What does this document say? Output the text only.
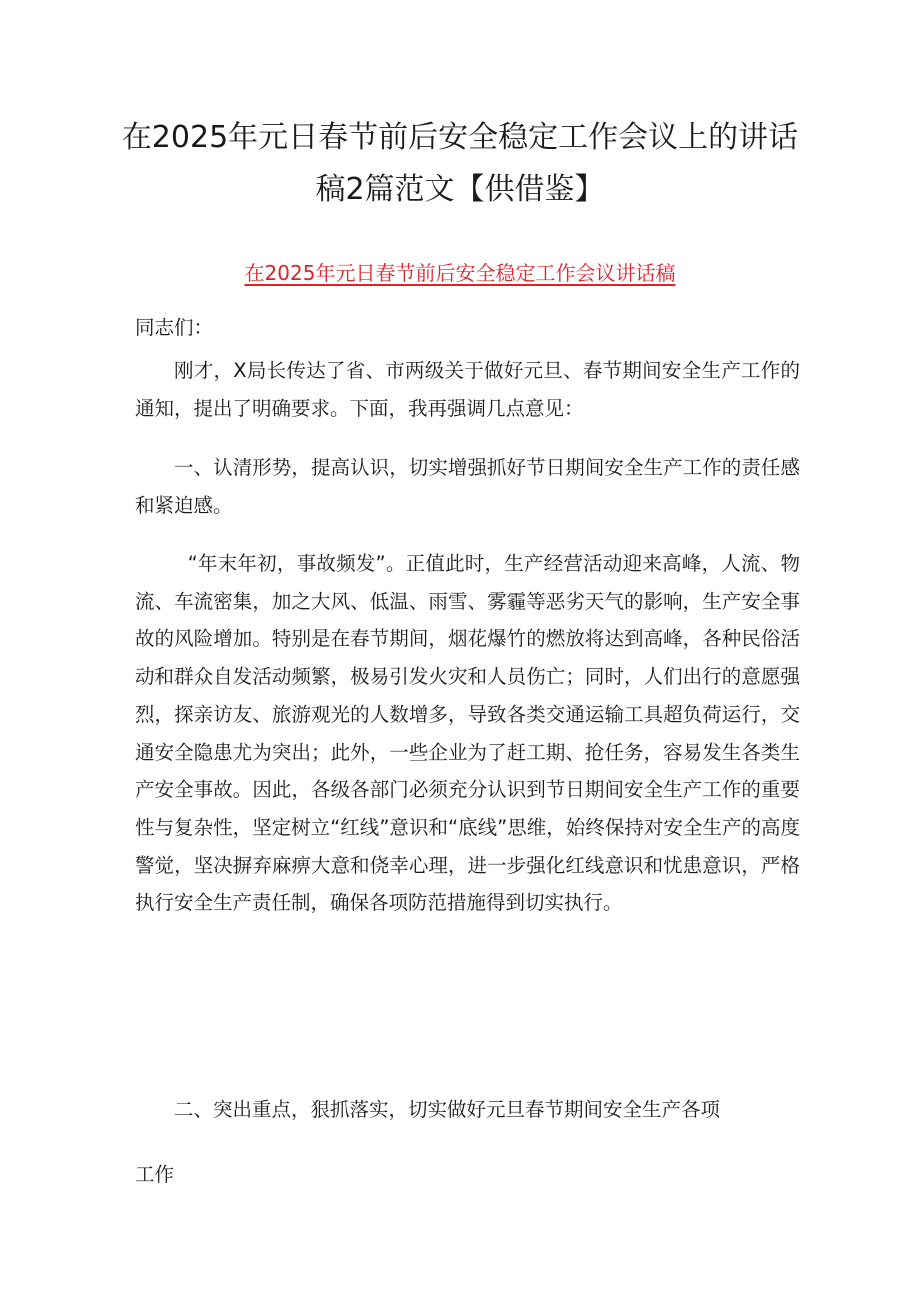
在2025年元日春节前后安全稳定工作会议上的讲话
稿2篇范文【供借鉴】
在2025年元日春节前后安全稳定工作会议讲话稿
同志们：
刚才，X局长传达了省、市两级关于做好元旦、春节期间安全生产工作的通知，提出了明确要求。下面，我再强调几点意见：
一、认清形势，提高认识，切实增强抓好节日期间安全生产工作的责任感和紧迫感。
“年末年初，事故频发”。正值此时，生产经营活动迎来高峰，人流、物流、车流密集，加之大风、低温、雨雪、雾霾等恶劣天气的影响，生产安全事故的风险增加。特别是在春节期间，烟花爆竹的燃放将达到高峰，各种民俗活动和群众自发活动频繁，极易引发火灾和人员伤亡；同时，人们出行的意愿强烈，探亲访友、旅游观光的人数增多，导致各类交通运输工具超负荷运行，交通安全隐患尤为突出；此外，一些企业为了赶工期、抢任务，容易发生各类生产安全事故。因此，各级各部门必须充分认识到节日期间安全生产工作的重要性与复杂性，坚定树立“红线”意识和“底线”思维，始终保持对安全生产的高度警觉，坚决摒弃麻痹大意和侥幸心理，进一步强化红线意识和忧患意识，严格执行安全生产责任制，确保各项防范措施得到切实执行。
二、突出重点，狠抓落实，切实做好元旦春节期间安全生产各项
工作
